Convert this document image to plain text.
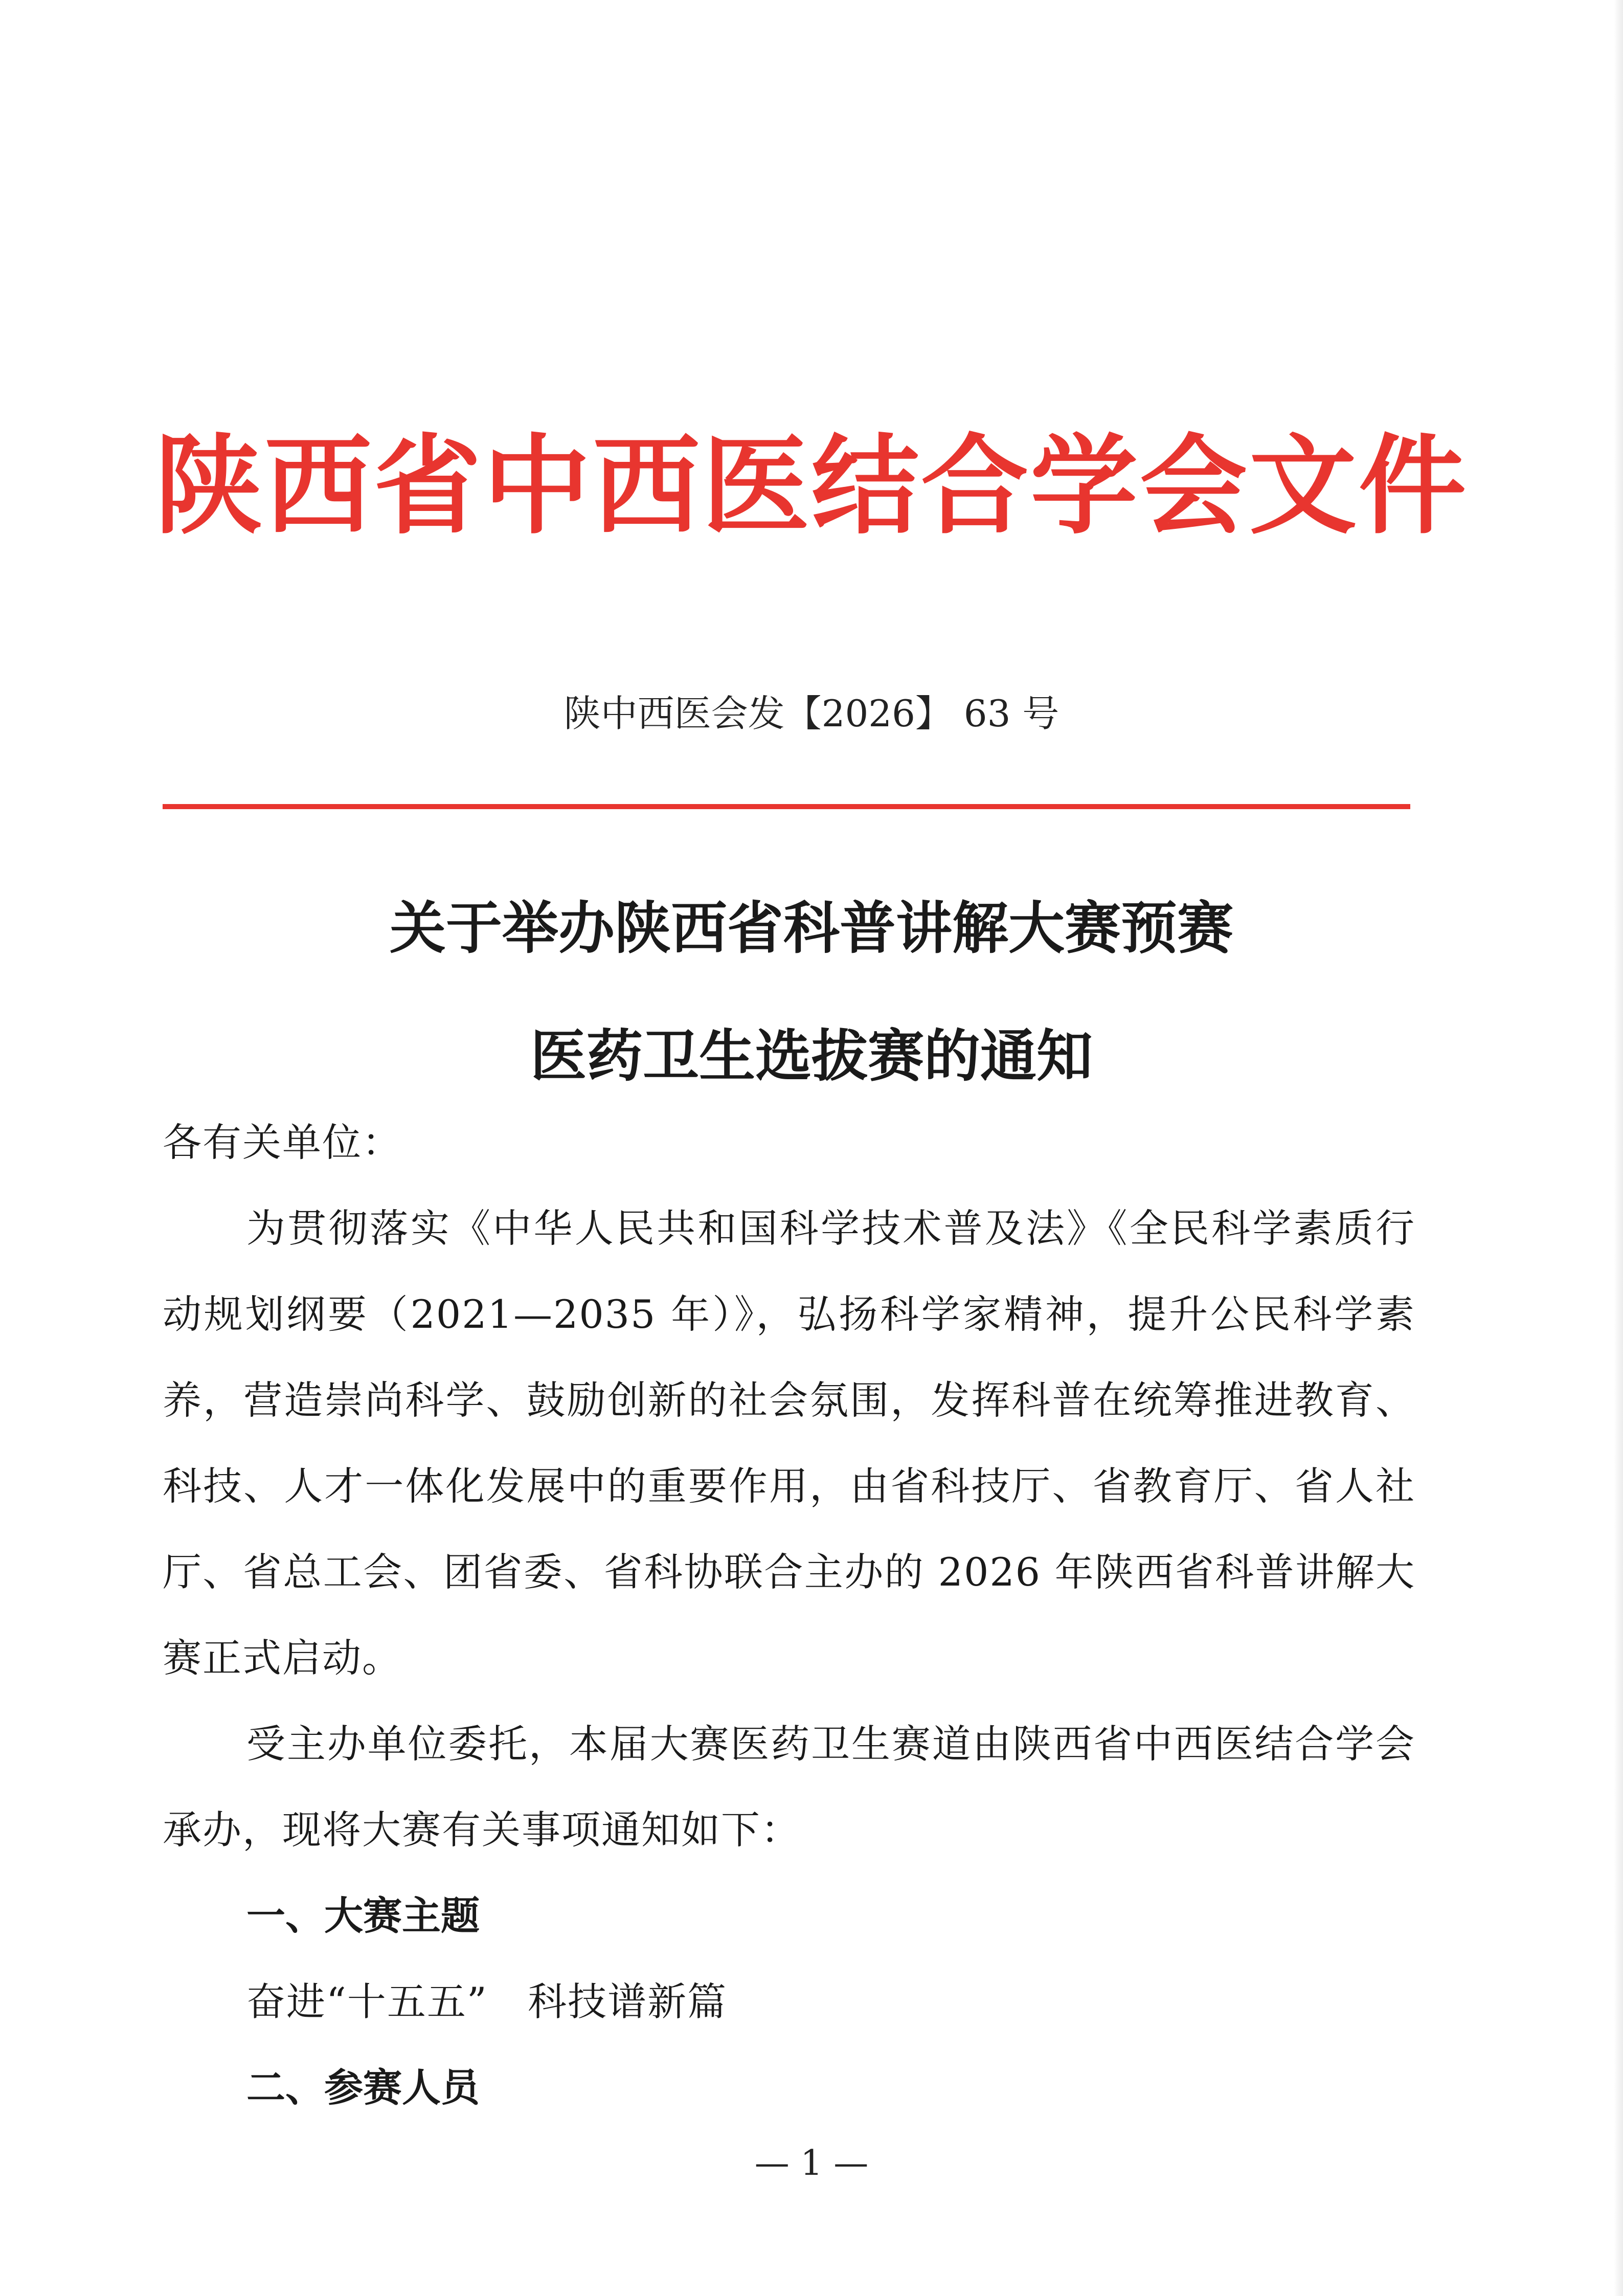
陕西省中西医结合学会文件
陕中西医会发【2026】 63 号
关于举办陕西省科普讲解大赛预赛
医药卫生选拔赛的通知
各有关单位：
为贯彻落实《中华人民共和国科学技术普及法》《全民科学素质行动规划纲要（2021—2035 年）》，弘扬科学家精神，提升公民科学素养，营造崇尚科学、鼓励创新的社会氛围，发挥科普在统筹推进教育、科技、人才一体化发展中的重要作用，由省科技厅、省教育厅、省人社厅、省总工会、团省委、省科协联合主办的 2026 年陕西省科普讲解大赛正式启动。
受主办单位委托，本届大赛医药卫生赛道由陕西省中西医结合学会承办，现将大赛有关事项通知如下：
一、大赛主题
奋进“十五五”   科技谱新篇
二、参赛人员
— 1 —
